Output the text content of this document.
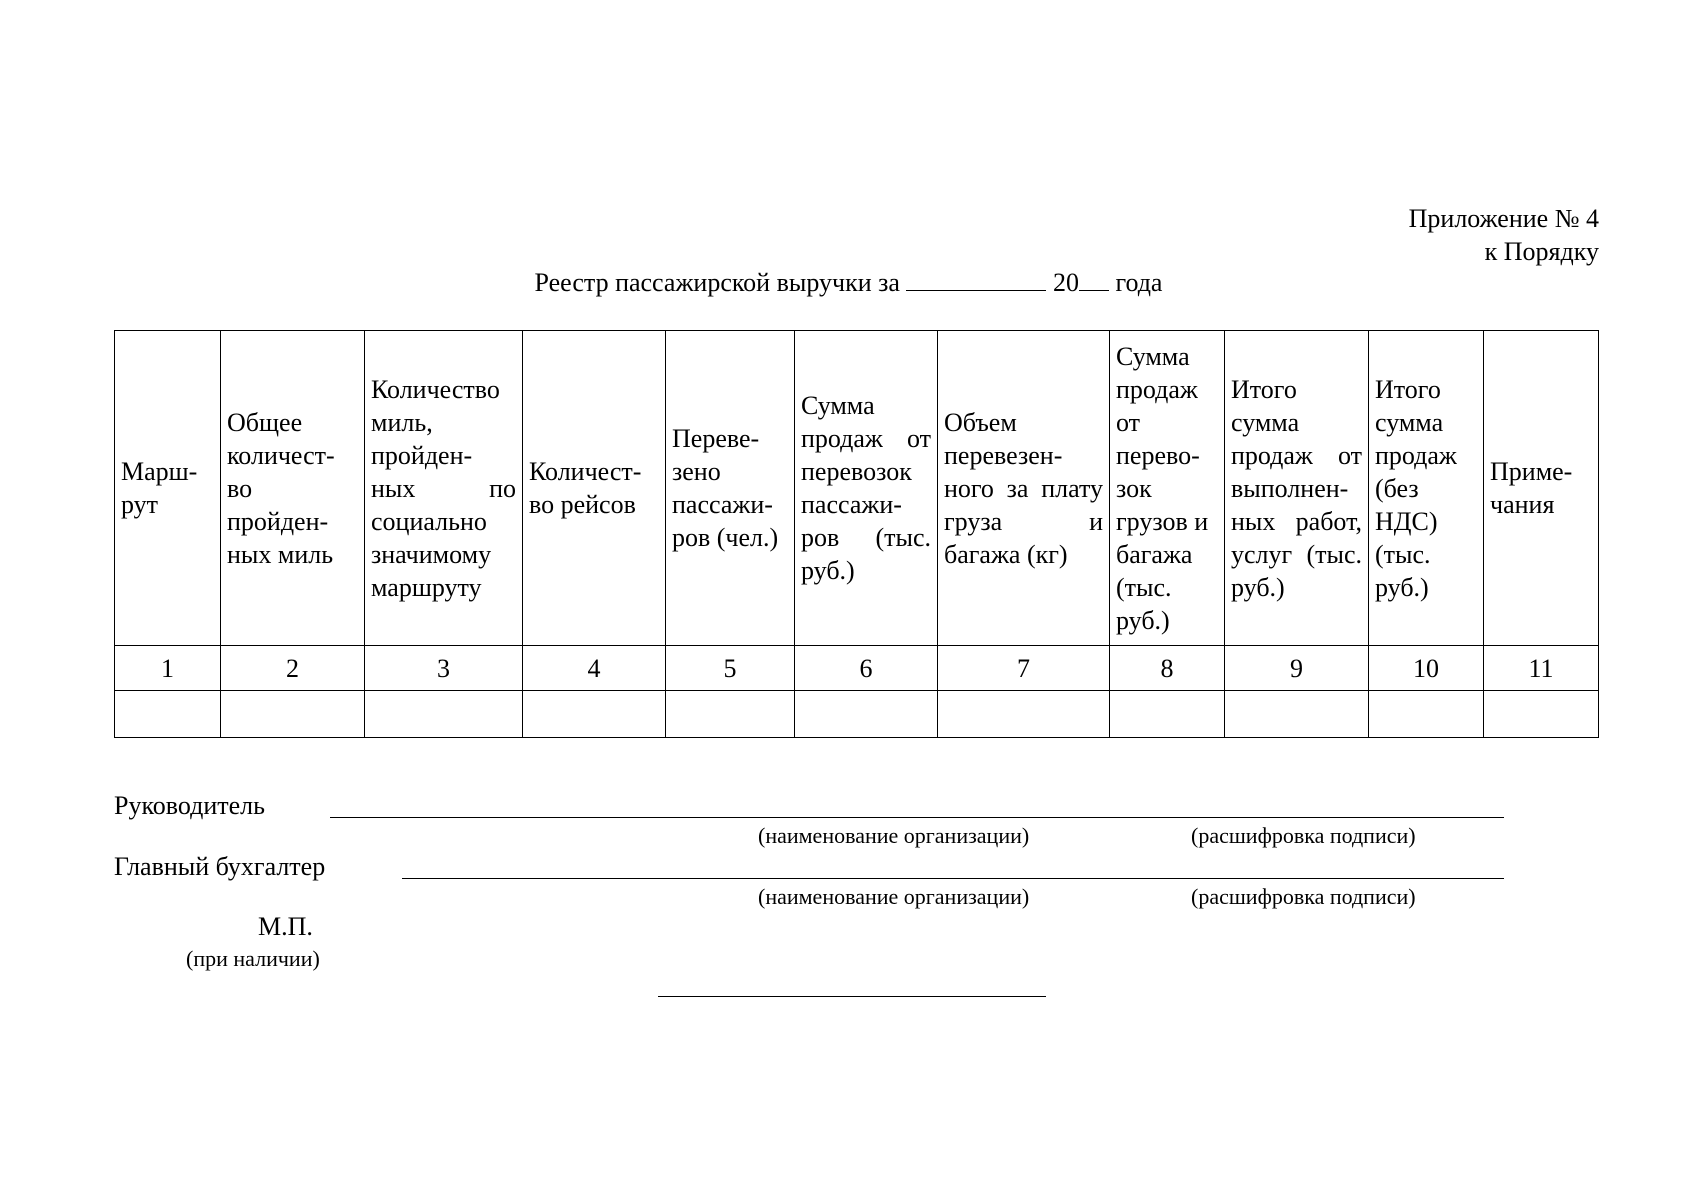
Приложение № 4
к Порядку
Реестр пассажирской выручки за	20 года
Марш-рут	Общее количест-во пройден-ных миль	Количество миль, пройден-ных по социально значимому маршруту	Количест-во рейсов	Переве-зено пассажи-ров (чел.)	Сумма продаж от перевозок пассажи-ров (тыс. руб.)	Объем перевезен-ного за плату груза и багажа (кг)	Сумма продаж от перево-зок грузов и багажа (тыс. руб.)	Итого сумма продаж от выполнен-ных работ, услуг (тыс. руб.)	Итого сумма продаж (без НДС) (тыс. руб.)	Приме-чания
1	2	3	4	5	6	7	8	9	10	11

Руководитель
(наименование организации)	(расшифровка подписи)
Главный бухгалтер
(наименование организации)	(расшифровка подписи)
М.П.
(при наличии)
